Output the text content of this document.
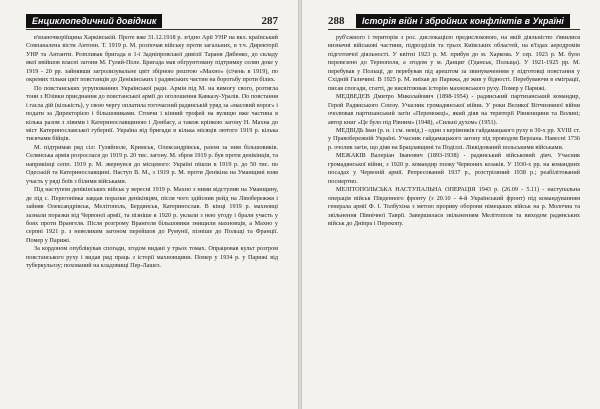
Енциклопедичний довідник	287

в'язаночкоріїщина Харківській. Проте вже 31.12.1918 р. згідно Арії УНР на вкл. країнський Совпаналена вісти Антонн. Т. 1919 р. М. розпочав війську проти загальних, в т.ч. Директорії УНР та Антанти. Розпливак бригада в 1-ї Задніпровської дивізії Тараня Дибенко, до складу якої ввійшов власні загони М. Гуляй-Поле. Бригада мав обгрунтовану підтримку селян доке у 1919 - 20 рр. зайнявши загролизувальне цвіт збірною рештою «Махно» (січень в 1919), по окремих тільки цвіт повстанців до Денікінських і радянських частин на боротьбу проти білих.

По повстанських угрупованнях Української ради. Армія під М. на вимогу свого, розтягла тони з Юзівки приєднання до повстанської армії до оголошення Кавказу-Уралів. По повстання і гасла дій (кількість), у свою чергу оплатила тогочасний радянській уряд за «масовий ворог» і подати за Директорією і більшовиками. Стоячи і кінний трофей на вулицю вже частина в кілька разом з лівими і Катеринославщиною і Донбасу, а також кріпкою загону Н. Махна до міст Катеринославської губернії. Україна від бригади в кілька місяців лютого 1919 р. кілька тисячами бійців.

М. підтримав ряд сіл: Гуляйполе, Кримськ, Олександрівськ, разом за ним більшовиків. Селянська армія розрослася до 1919 р. 20 тис. загону. М. зброя 1919 р. був проти денікінців, та наприкінці сепп. 1919 р. М. звернувся до місцевого: Україні пішли в 1919 р. до 50 тис. по Одеській та Катеринославщині. Наступ В. М., з 1919 р. М. проти Денікіна на Уманщині взяв участь у ряді боїв з білими військами.

Під наступом денікінських військ у вересні 1919 р. Махно з ними відступив на Уманщину, де під с. Перегонівка завдав поразки денікінцям, після чого здійснив рейд на Лівобережжя і зайняв Олександрівськ, Мелітополь, Бердянськ, Катеринослав. В кінці 1919 р. махновці зазнали поразки від Червоної армії, та пізніше в 1920 р. уклали з нею угоду і брали участь у боях проти Врангеля. Після розгрому Врангеля більшовики знищили махновців, а Махно у серпні 1921 р. з невеликим загоном перейшов до Румунії, пізніше до Польщі та Франції. Помер у Парижі.

За кордоном опублікував спогади, згодом видані у трьох томах. Опрацював культ розгром повстанського руху і видав ряд праць з історії махновщини. Помер у 1934 р. у Парижі від туберкульозу; похований на кладовищі Пер-Лашез.

288	Історія війн і збройних конфліктів в Україні

руб'єжного і територія з рос. дислокацією предислоковою, на якій діяльністю з'явилися визначні військові частини, підрозділів та трьох Київських областей, на в'їздах аеродромів підготовчої діяльності. У квітні 1923 р. М. прибув до м. Харкова. У сер. 1923 р. М. було перевезено до Тернополя, а згодом у м. Данциг (Гданськ, Польща). У 1921-1925 рр. М. перебував у Польщі, де перебував під арештом за звинуваченням у підготовці повстання у Східній Галичині. В 1925 р. М. виїхав до Парижа, де жив у бідності. Перебуваючи в еміграції, писав спогади, статті, де висвітлював історію махновського руху. Помер у Парижі.

МЕДВЕДЄВ Дмитро Миколайович (1898-1954) - радянський партизанський командир, Герой Радянського Союзу. Учасник громадянської війни. У роки Великої Вітчизняної війни очолював партизанський загін «Переможці», який діяв на території Рівненщини та Волині; автор книг «Це було під Рівним» (1948), «Сильні духом» (1951).

МЕДВІДЬ Іван (р. н. і см. невід.) - один з керівників гайдамацького руху в 30-х рр. XVIII ст. у Правобережній Україні. Учасник гайдамацького загону під проводом Верлана. Навесні 1736 р. очолив загін, що діяв на Брацлавщині та Поділлі. Ліквідований польськими військами.

МЕЖАКІВ Валеріан Іванович (1893-1938) - радянський військовий діяч. Учасник громадянської війни, з 1920 р. командир полку Червоних козаків. У 1930-х рр. на командних посадах у Червоній армії. Репресований 1937 р., розстріляний 1938 р.; реабілітований посмертно.

МЕЛІТОПОЛЬСЬКА НАСТУПАЛЬНА ОПЕРАЦІЯ 1943 р. (26.09 - 5.11) - наступальна операція військ Південного фронту (з 20.10 - 4-й Український фронт) під командуванням генерала армії Ф. І. Толбухіна з метою прориву оборони німецьких військ на р. Молочна та звільнення Північної Таврії. Завершилася звільненням Мелітополя та виходом радянських військ до Дніпра і Перекопу.
